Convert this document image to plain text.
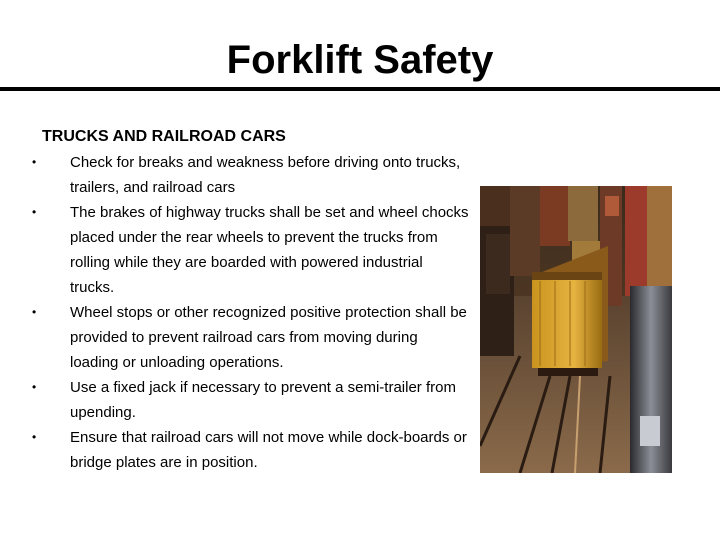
Forklift Safety
TRUCKS AND RAILROAD CARS
• Check for breaks and weakness before driving onto trucks, trailers, and railroad cars
• The brakes of highway trucks shall be set and wheel chocks placed under the rear wheels to prevent the trucks from rolling while they are boarded with powered industrial trucks.
• Wheel stops or other recognized positive protection shall be provided to prevent railroad cars from moving during loading or unloading operations.
• Use a fixed jack if necessary to prevent a semi-trailer from upending.
• Ensure that railroad cars will not move while dock-boards or bridge plates are in position.
